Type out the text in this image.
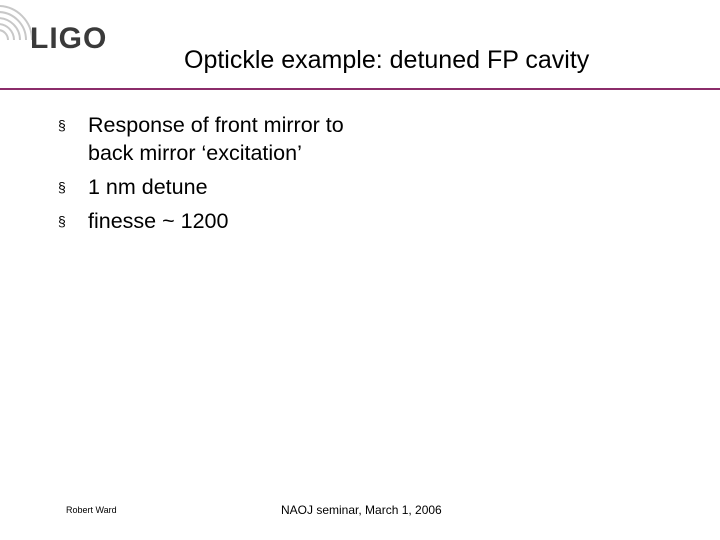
LIGO
Optickle example: detuned FP cavity
§ Response of front mirror to back mirror ‘excitation’
§ 1 nm detune
§ finesse ~ 1200
Robert Ward	NAOJ seminar, March 1, 2006
